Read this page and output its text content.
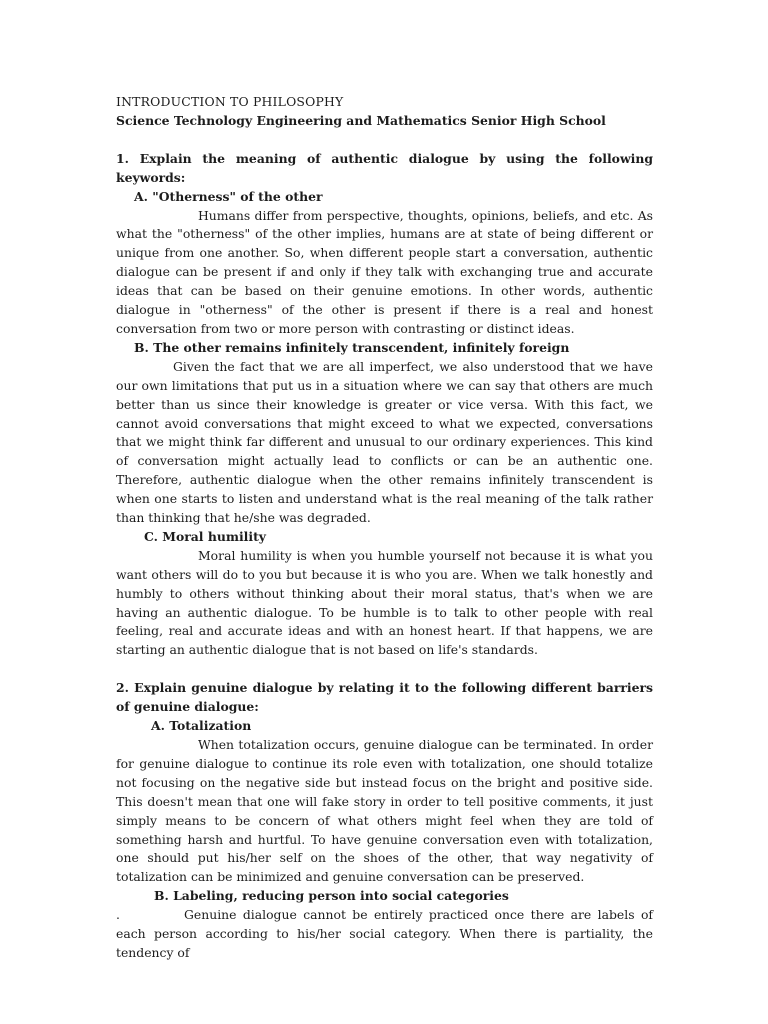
INTRODUCTION TO PHILOSOPHY

Science Technology Engineering and Mathematics Senior High School

1. Explain the meaning of authentic dialogue by using the following keywords:

A. "Otherness" of the other

Humans differ from perspective, thoughts, opinions, beliefs, and etc. As what the "otherness" of the other implies, humans are at state of being different or unique from one another. So, when different people start a conversation, authentic dialogue can be present if and only if they talk with exchanging true and accurate ideas that can be based on their genuine emotions. In other words, authentic dialogue in "otherness" of the other is present if there is a real and honest conversation from two or more person with contrasting or distinct ideas.

B. The other remains infinitely transcendent, infinitely foreign

Given the fact that we are all imperfect, we also understood that we have our own limitations that put us in a situation where we can say that others are much better than us since their knowledge is greater or vice versa. With this fact, we cannot avoid conversations that might exceed to what we expected, conversations that we might think far different and unusual to our ordinary experiences. This kind of conversation might actually lead to conflicts or can be an authentic one. Therefore, authentic dialogue when the other remains infinitely transcendent is when one starts to listen and understand what is the real meaning of the talk rather than thinking that he/she was degraded.

C. Moral humility

Moral humility is when you humble yourself not because it is what you want others will do to you but because it is who you are. When we talk honestly and humbly to others without thinking about their moral status, that's when we are having an authentic dialogue. To be humble is to talk to other people with real feeling, real and accurate ideas and with an honest heart. If that happens, we are starting an authentic dialogue that is not based on life's standards.

2. Explain genuine dialogue by relating it to the following different barriers of genuine dialogue:

A. Totalization

When totalization occurs, genuine dialogue can be terminated. In order for genuine dialogue to continue its role even with totalization, one should totalize not focusing on the negative side but instead focus on the bright and positive side. This doesn't mean that one will fake story in order to tell positive comments, it just simply means to be concern of what others might feel when they are told of something harsh and hurtful. To have genuine conversation even with totalization, one should put his/her self on the shoes of the other, that way negativity of totalization can be minimized and genuine conversation can be preserved.

B. Labeling, reducing person into social categories

.	Genuine dialogue cannot be entirely practiced once there are labels of each person according to his/her social category. When there is partiality, the tendency of
